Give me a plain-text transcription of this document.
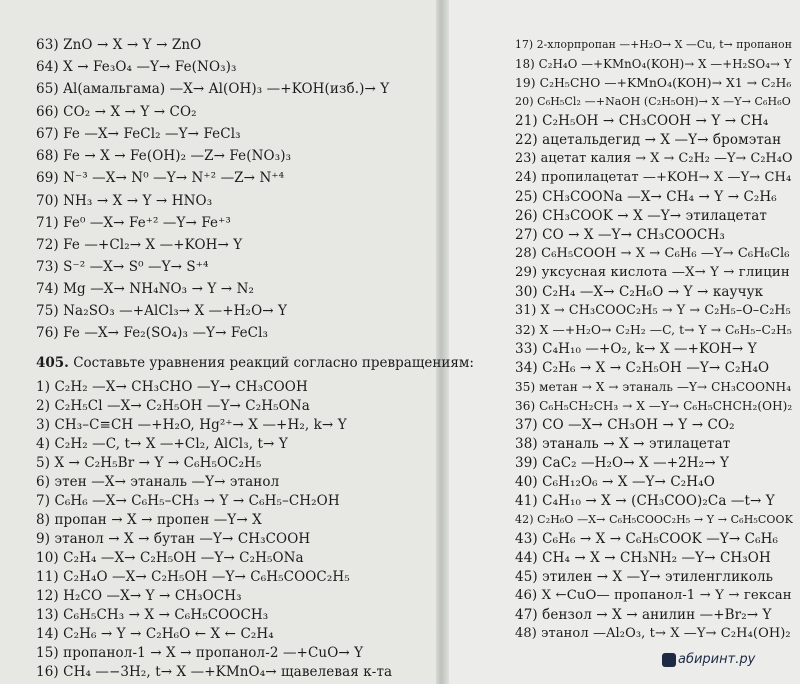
63) ZnO → X → Y → ZnO
64) X → Fe₃O₄ —Y→ Fe(NO₃)₃
65) Al(амальгама) —X→ Al(OH)₃ —+KOH(изб.)→ Y
66) CO₂ → X → Y → CO₂
67) Fe —X→ FeCl₂ —Y→ FeCl₃
68) Fe → X → Fe(OH)₂ —Z→ Fe(NO₃)₃
69) N⁻³ —X→ N⁰ —Y→ N⁺² —Z→ N⁺⁴
70) NH₃ → X → Y → HNO₃
71) Fe⁰ —X→ Fe⁺² —Y→ Fe⁺³
72) Fe —+Cl₂→ X —+KOH→ Y
73) S⁻² —X→ S⁰ —Y→ S⁺⁴
74) Mg —X→ NH₄NO₃ → Y → N₂
75) Na₂SO₃ —+AlCl₃→ X —+H₂O→ Y
76) Fe —X→ Fe₂(SO₄)₃ —Y→ FeCl₃
405. Составьте уравнения реакций согласно превращениям:
1) C₂H₂ —X→ CH₃CHO —Y→ CH₃COOH
2) C₂H₅Cl —X→ C₂H₅OH —Y→ C₂H₅ONa
3) CH₃–C≡CH —+H₂O, Hg²⁺→ X —+H₂, k→ Y
4) C₂H₂ —C, t→ X —+Cl₂, AlCl₃, t→ Y
5) X → C₂H₅Br → Y → C₆H₅OC₂H₅
6) этен —X→ этаналь —Y→ этанол
7) C₆H₆ —X→ C₆H₅–CH₃ → Y → C₆H₅–CH₂OH
8) пропан → X → пропен —Y→ X
9) этанол → X → бутан —Y→ CH₃COOH
10) C₂H₄ —X→ C₂H₅OH —Y→ C₂H₅ONa
11) C₂H₄O —X→ C₂H₅OH —Y→ C₆H₅COOC₂H₅
12) H₂CO —X→ Y → CH₃OCH₃
13) C₆H₅CH₃ → X → C₆H₅COOCH₃
14) C₂H₆ → Y → C₂H₆O ← X ← C₂H₄
15) пропанол-1 → X → пропанол-2 —+CuO→ Y
16) CH₄ —−3H₂, t→ X —+KMnO₄→ щавелевая к-та
17) 2-хлорпропан —+H₂O→ X —Cu, t→ пропанон
18) C₂H₄O —+KMnO₄(KOH)→ X —+H₂SO₄→ Y
19) C₂H₅CHO —+KMnO₄(KOH)→ X1 → C₂H₆
20) C₆H₅Cl₂ —+NaOH (C₂H₅OH)→ X —Y→ C₆H₆O
21) C₂H₅OH → CH₃COOH → Y → CH₄
22) ацетальдегид → X —Y→ бромэтан
23) ацетат калия → X → C₂H₂ —Y→ C₂H₄O
24) пропилацетат —+KOH→ X —Y→ CH₄
25) CH₃COONa —X→ CH₄ → Y → C₂H₆
26) CH₃COOK → X —Y→ этилацетат
27) CO → X —Y→ CH₃COOCH₃
28) C₆H₅COOH → X → C₆H₆ —Y→ C₆H₆Cl₆
29) уксусная кислота —X→ Y → глицин
30) C₂H₄ —X→ C₂H₆O → Y → каучук
31) X → CH₃COOC₂H₅ → Y → C₂H₅–O–C₂H₅
32) X —+H₂O→ C₂H₂ —C, t→ Y → C₆H₅–C₂H₅
33) C₄H₁₀ —+O₂, k→ X —+KOH→ Y
34) C₂H₆ → X → C₂H₅OH —Y→ C₂H₄O
35) метан → X → этаналь —Y→ CH₃COONH₄
36) C₆H₅CH₂CH₃ → X —Y→ C₆H₅CHCH₂(OH)₂
37) CO —X→ CH₃OH → Y → CO₂
38) этаналь → X → этилацетат
39) CaC₂ —H₂O→ X —+2H₂→ Y
40) C₆H₁₂O₆ → X —Y→ C₂H₄O
41) C₄H₁₀ → X → (CH₃COO)₂Ca —t→ Y
42) C₂H₆O —X→ C₆H₅COOC₂H₅ → Y → C₆H₅COOK
43) C₆H₆ → X → C₆H₅COOK —Y→ C₆H₆
44) CH₄ → X → CH₃NH₂ —Y→ CH₃OH
45) этилен → X —Y→ этиленгликоль
46) X ←CuO— пропанол-1 → Y → гексан
47) бензол → X → анилин —+Br₂→ Y
48) этанол —Al₂O₃, t→ X —Y→ C₂H₄(OH)₂
абиринт.ру
